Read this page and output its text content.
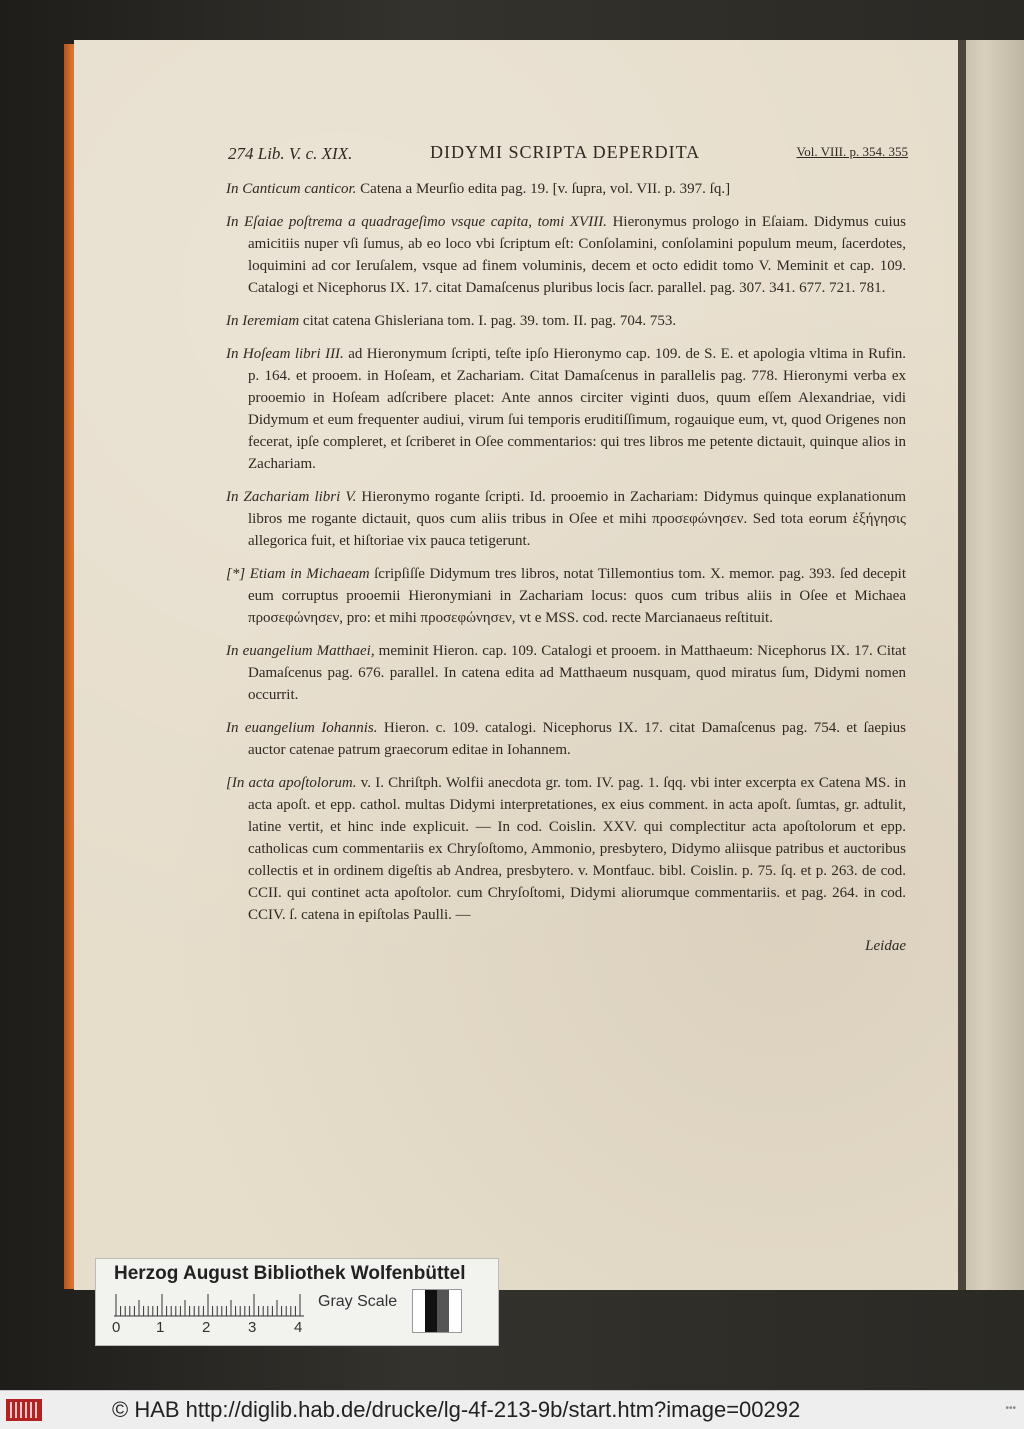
274 Lib. V. c. XIX.	DIDYMI SCRIPTA DEPERDITA	Vol. VIII. p. 354. 355

In Canticum canticor. Catena a Meurſio edita pag. 19. [v. ſupra, vol. VII. p. 397. ſq.]

In Eſaiae poſtrema a quadrageſimo vsque capita, tomi XVIII. Hieronymus prologo in Eſaiam. Didymus cuius amicitiis nuper vſi ſumus, ab eo loco vbi ſcriptum eſt: Conſolamini, conſolamini populum meum, ſacerdotes, loquimini ad cor Ieruſalem, vsque ad finem voluminis, decem et octo edidit tomo V. Meminit et cap. 109. Catalogi et Nicephorus IX. 17. citat Damaſcenus pluribus locis ſacr. parallel. pag. 307. 341. 677. 721. 781.

In Ieremiam citat catena Ghisleriana tom. I. pag. 39. tom. II. pag. 704. 753.

In Hoſeam libri III. ad Hieronymum ſcripti, teſte ipſo Hieronymo cap. 109. de S. E. et apologia vltima in Rufin. p. 164. et prooem. in Hoſeam, et Zachariam. Citat Damaſcenus in parallelis pag. 778. Hieronymi verba ex prooemio in Hoſeam adſcribere placet: Ante annos circiter viginti duos, quum eſſem Alexandriae, vidi Didymum et eum frequenter audiui, virum ſui temporis eruditiſſimum, rogauique eum, vt, quod Origenes non fecerat, ipſe compleret, et ſcriberet in Oſee commentarios: qui tres libros me petente dictauit, quinque alios in Zachariam.

In Zachariam libri V. Hieronymo rogante ſcripti. Id. prooemio in Zachariam: Didymus quinque explanationum libros me rogante dictauit, quos cum aliis tribus in Oſee et mihi προσεφώνησεν. Sed tota eorum ἐξήγησις allegorica fuit, et hiſtoriae vix pauca tetigerunt.

[*] Etiam in Michaeam ſcripſiſſe Didymum tres libros, notat Tillemontius tom. X. memor. pag. 393. ſed decepit eum corruptus prooemii Hieronymiani in Zachariam locus: quos cum tribus aliis in Oſee et Michaea προσεφώνησεν, pro: et mihi προσεφώνησεν, vt e MSS. cod. recte Marcianaeus reſtituit.

In euangelium Matthaei, meminit Hieron. cap. 109. Catalogi et prooem. in Matthaeum: Nicephorus IX. 17. Citat Damaſcenus pag. 676. parallel. In catena edita ad Matthaeum nusquam, quod miratus ſum, Didymi nomen occurrit.

In euangelium Iohannis. Hieron. c. 109. catalogi. Nicephorus IX. 17. citat Damaſcenus pag. 754. et ſaepius auctor catenae patrum graecorum editae in Iohannem.

[In acta apoſtolorum. v. I. Chriſtph. Wolfii anecdota gr. tom. IV. pag. 1. ſqq. vbi inter excerpta ex Catena MS. in acta apoſt. et epp. cathol. multas Didymi interpretationes, ex eius comment. in acta apoſt. ſumtas, gr. adtulit, latine vertit, et hinc inde explicuit. — In cod. Coislin. XXV. qui complectitur acta apoſtolorum et epp. catholicas cum commentariis ex Chryſoſtomo, Ammonio, presbytero, Didymo aliisque patribus et auctoribus collectis et in ordinem digeſtis ab Andrea, presbytero. v. Montfauc. bibl. Coislin. p. 75. ſq. et p. 263. de cod. CCII. qui continet acta apoſtolor. cum Chryſoſtomi, Didymi aliorumque commentariis. et pag. 264. in cod. CCIV. ſ. catena in epiſtolas Paulli. —

Leidae
Herzog August Bibliothek Wolfenbüttel
0 1	2	3	4
Gray Scale
© HAB http://diglib.hab.de/drucke/lg-4f-213-9b/start.htm?image=00292	•••
